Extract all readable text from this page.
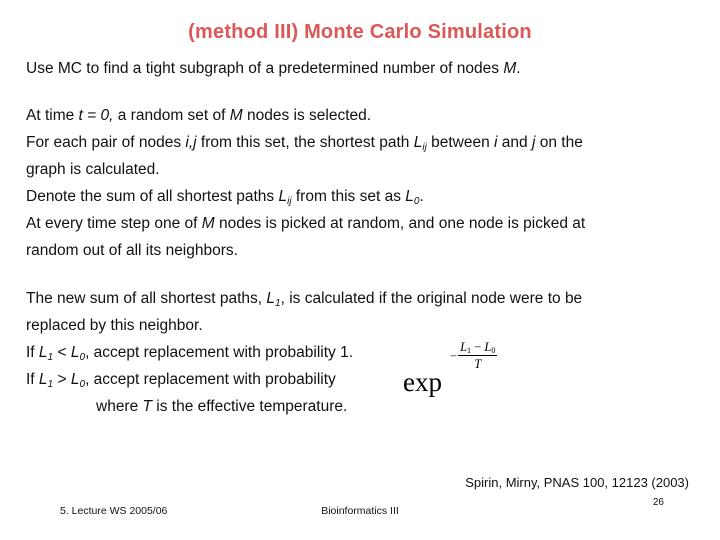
(method III) Monte Carlo Simulation
Use MC to find a tight subgraph of a predetermined number of nodes M.
At time t = 0, a random set of M nodes is selected.
For each pair of nodes i,j from this set, the shortest path $L_{ij}$ between i and j on the
graph is calculated.
Denote the sum of all shortest paths $L_{ij}$ from this set as $L_0$.
At every time step one of M nodes is picked at random, and one node is picked at
random out of all its neighbors.
The new sum of all shortest paths, $L_1$, is calculated if the original node were to be
replaced by this neighbor.
If $L_1 < L_0$, accept replacement with probability 1.
If $L_1 > L_0$, accept replacement with probability
where T is the effective temperature.
exp
− $\frac{L_1 - L_0}{T}$
Spirin, Mirny, PNAS 100, 12123 (2003)
26
5. Lecture WS 2005/06	Bioinformatics III
